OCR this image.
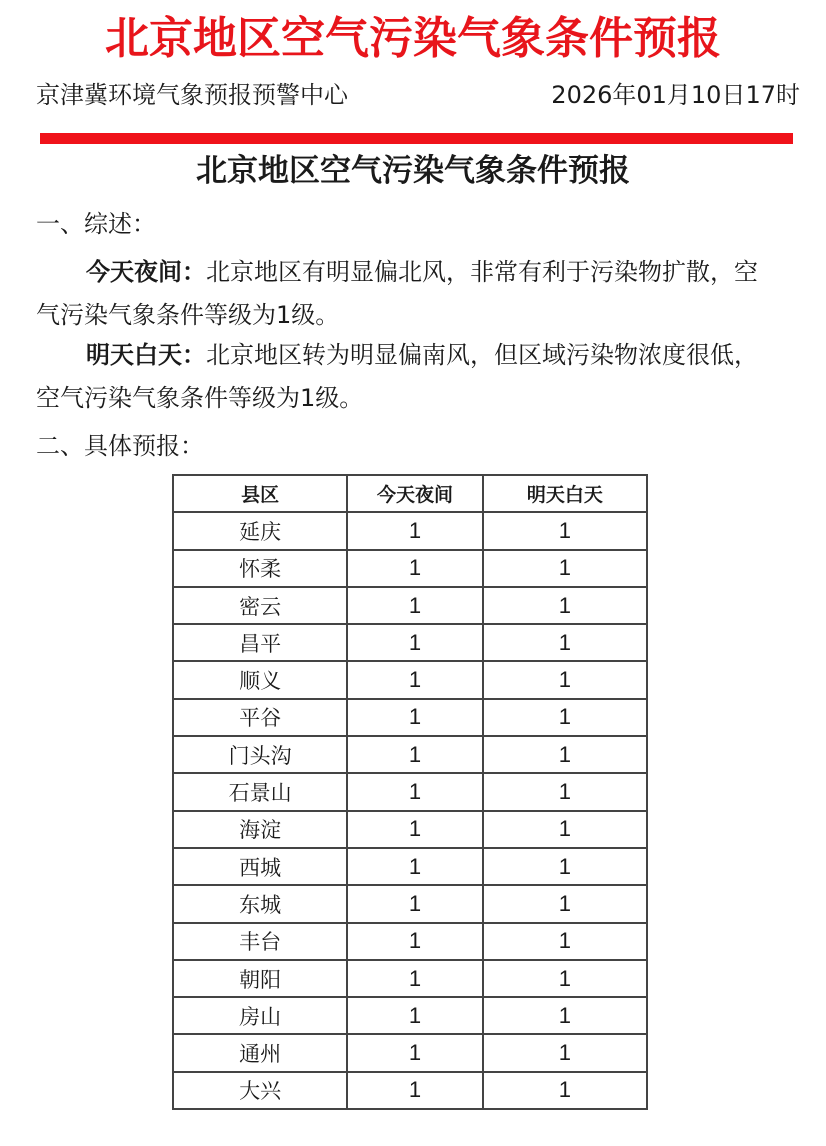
北京地区空气污染气象条件预报
京津冀环境气象预报预警中心	2026年01月10日17时
北京地区空气污染气象条件预报
一、综述：
今天夜间：北京地区有明显偏北风，非常有利于污染物扩散，空气污染气象条件等级为1级。
明天白天：北京地区转为明显偏南风，但区域污染物浓度很低，空气污染气象条件等级为1级。
二、具体预报：
县区	今天夜间	明天白天
延庆	1	1
怀柔	1	1
密云	1	1
昌平	1	1
顺义	1	1
平谷	1	1
门头沟	1	1
石景山	1	1
海淀	1	1
西城	1	1
东城	1	1
丰台	1	1
朝阳	1	1
房山	1	1
通州	1	1
大兴	1	1
